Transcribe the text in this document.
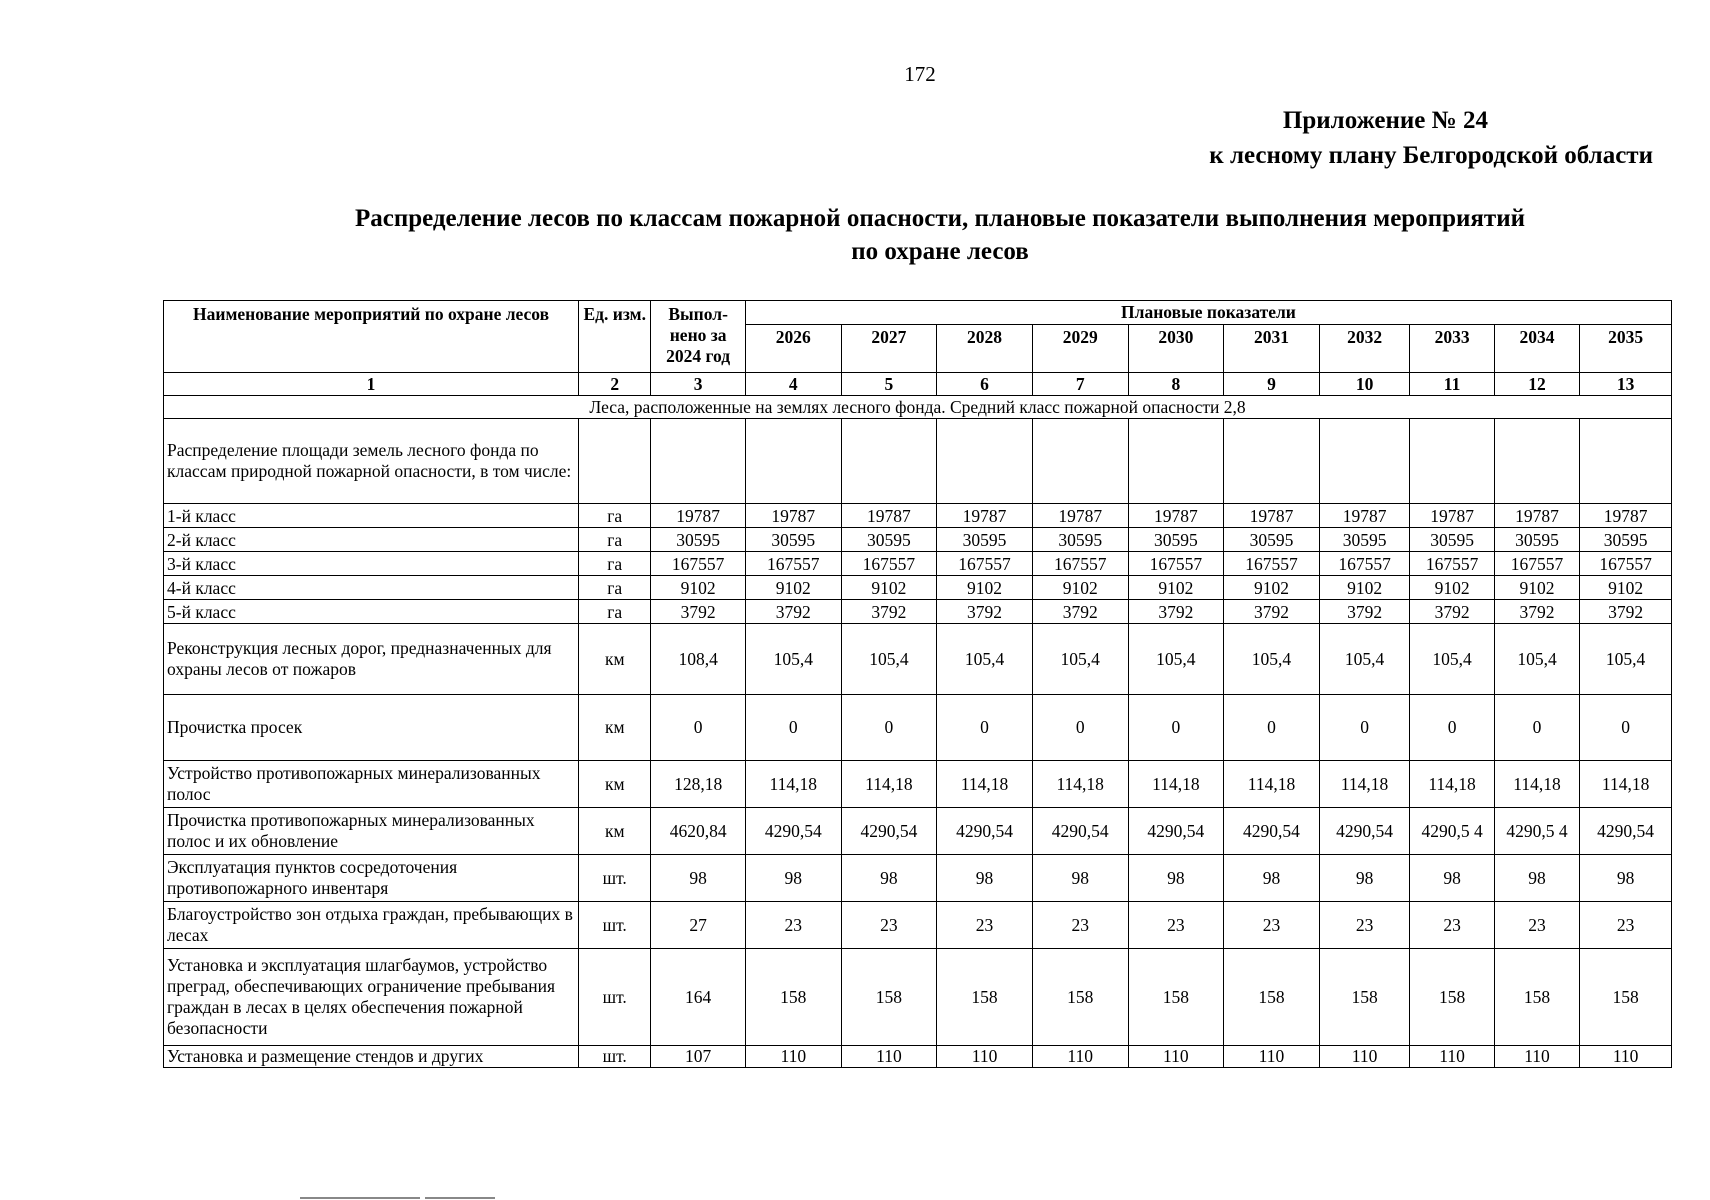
172
Приложение № 24
к лесному плану Белгородской области
Распределение лесов по классам пожарной опасности, плановые показатели выполнения мероприятий
по охране лесов
Наименование мероприятий по охране лесов	Ед. изм.	Выпол-нено за 2024 год	Плановые показатели									
			2026	2027	2028	2029	2030	2031	2032	2033	2034	2035
1	2	3	4	5	6	7	8	9	10	11	12	13
Леса, расположенные на землях лесного фонда. Средний класс пожарной опасности 2,8												
Распределение площади земель лесного фонда по классам природной пожарной опасности, в том числе:												
1-й класс	га	19787	19787	19787	19787	19787	19787	19787	19787	19787	19787	19787
2-й класс	га	30595	30595	30595	30595	30595	30595	30595	30595	30595	30595	30595
3-й класс	га	167557	167557	167557	167557	167557	167557	167557	167557	167557	167557	167557
4-й класс	га	9102	9102	9102	9102	9102	9102	9102	9102	9102	9102	9102
5-й класс	га	3792	3792	3792	3792	3792	3792	3792	3792	3792	3792	3792
Реконструкция лесных дорог, предназначенных для охраны лесов от пожаров	км	108,4	105,4	105,4	105,4	105,4	105,4	105,4	105,4	105,4	105,4	105,4
Прочистка просек	км	0	0	0	0	0	0	0	0	0	0	0
Устройство противопожарных минерализованных полос	км	128,18	114,18	114,18	114,18	114,18	114,18	114,18	114,18	114,18	114,18	114,18
Прочистка противопожарных минерализованных полос и их обновление	км	4620,84	4290,54	4290,54	4290,54	4290,54	4290,54	4290,54	4290,54	4290,5 4	4290,5 4	4290,54
Эксплуатация пунктов сосредоточения противопожарного инвентаря	шт.	98	98	98	98	98	98	98	98	98	98	98
Благоустройство зон отдыха граждан, пребывающих в лесах	шт.	27	23	23	23	23	23	23	23	23	23	23
Установка и эксплуатация шлагбаумов, устройство преград, обеспечивающих ограничение пребывания граждан в лесах в целях обеспечения пожарной безопасности	шт.	164	158	158	158	158	158	158	158	158	158	158
Установка и размещение стендов и других	шт.	107	110	110	110	110	110	110	110	110	110	110
